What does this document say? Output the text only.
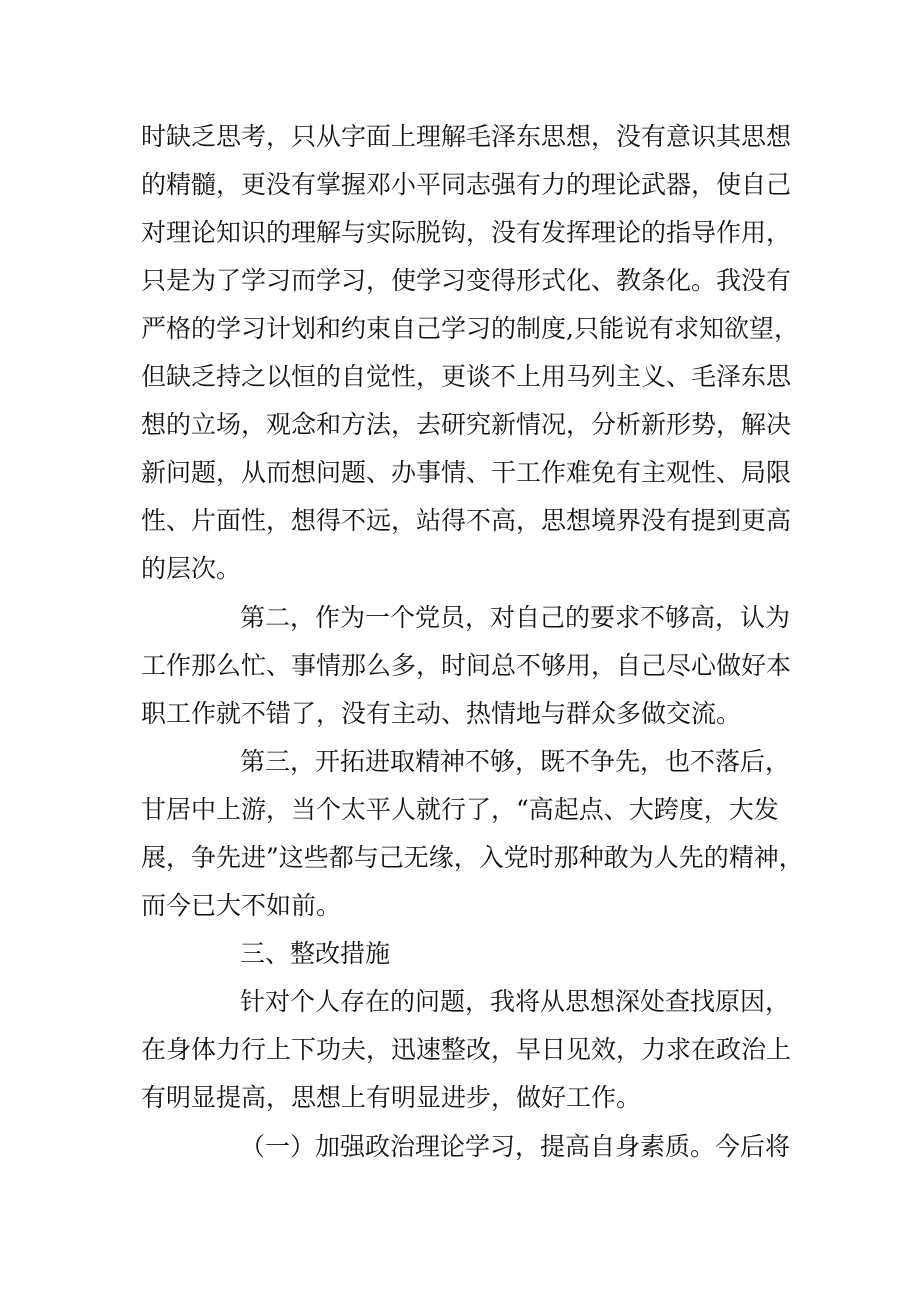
时缺乏思考，只从字面上理解毛泽东思想，没有意识其思想
的精髓，更没有掌握邓小平同志强有力的理论武器，使自己
对理论知识的理解与实际脱钩，没有发挥理论的指导作用，
只是为了学习而学习，使学习变得形式化、教条化。我没有
严格的学习计划和约束自己学习的制度,只能说有求知欲望，
但缺乏持之以恒的自觉性，更谈不上用马列主义、毛泽东思
想的立场，观念和方法，去研究新情况，分析新形势，解决
新问题，从而想问题、办事情、干工作难免有主观性、局限
性、片面性，想得不远，站得不高，思想境界没有提到更高
的层次。
第二，作为一个党员，对自己的要求不够高，认为
工作那么忙、事情那么多，时间总不够用，自己尽心做好本
职工作就不错了，没有主动、热情地与群众多做交流。
第三，开拓进取精神不够，既不争先，也不落后，
甘居中上游，当个太平人就行了，“高起点、大跨度，大发
展，争先进”这些都与己无缘，入党时那种敢为人先的精神，
而今已大不如前。
三、整改措施
针对个人存在的问题，我将从思想深处查找原因，
在身体力行上下功夫，迅速整改，早日见效，力求在政治上
有明显提高，思想上有明显进步，做好工作。
（一）加强政治理论学习，提高自身素质。今后将
